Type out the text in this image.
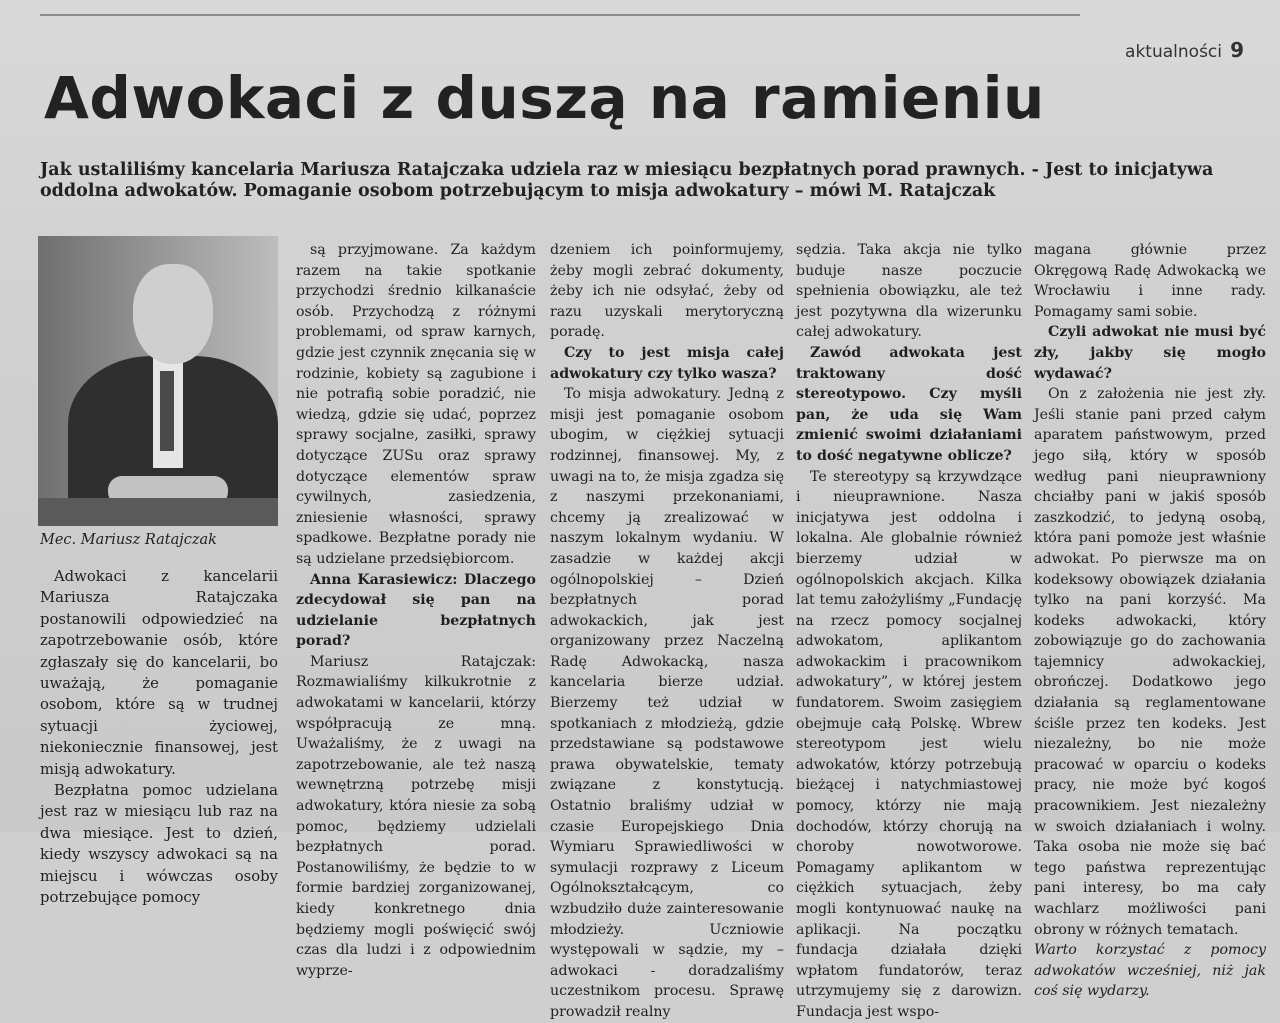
aktualności 9
Adwokaci z duszą na ramieniu
Jak ustaliliśmy kancelaria Mariusza Ratajczaka udziela raz w miesiącu bezpłatnych porad prawnych. - Jest to inicjatywa oddolna adwokatów. Pomaganie osobom potrzebującym to misja adwokatury – mówi M. Ratajczak
Mec. Mariusz Ratajczak

Adwokaci z kancelarii Mariusza Ratajczaka postanowili odpowiedzieć na zapotrzebowanie osób, które zgłaszały się do kancelarii, bo uważają, że pomaganie osobom, które są w trudnej sytuacji życiowej, niekoniecznie finansowej, jest misją adwokatury.

Bezpłatna pomoc udzielana jest raz w miesiącu lub raz na dwa miesiące. Jest to dzień, kiedy wszyscy adwokaci są na miejscu i wówczas osoby potrzebujące pomocy

są przyjmowane. Za każdym razem na takie spotkanie przychodzi średnio kilkanaście osób. Przychodzą z różnymi problemami, od spraw karnych, gdzie jest czynnik znęcania się w rodzinie, kobiety są zagubione i nie potrafią sobie poradzić, nie wiedzą, gdzie się udać, poprzez sprawy socjalne, zasiłki, sprawy dotyczące ZUSu oraz sprawy dotyczące elementów spraw cywilnych, zasiedzenia, zniesienie własności, sprawy spadkowe. Bezpłatne porady nie są udzielane przedsiębiorcom.

Anna Karasiewicz: Dlaczego zdecydował się pan na udzielanie bezpłatnych porad?

Mariusz Ratajczak: Rozmawialiśmy kilkukrotnie z adwokatami w kancelarii, którzy współpracują ze mną. Uważaliśmy, że z uwagi na zapotrzebowanie, ale też naszą wewnętrzną potrzebę misji adwokatury, która niesie za sobą pomoc, będziemy udzielali bezpłatnych porad. Postanowiliśmy, że będzie to w formie bardziej zorganizowanej, kiedy konkretnego dnia będziemy mogli poświęcić swój czas dla ludzi i z odpowiednim wyprze-

dzeniem ich poinformujemy, żeby mogli zebrać dokumenty, żeby ich nie odsyłać, żeby od razu uzyskali merytoryczną poradę.

Czy to jest misja całej adwokatury czy tylko wasza?

To misja adwokatury. Jedną z misji jest pomaganie osobom ubogim, w ciężkiej sytuacji rodzinnej, finansowej. My, z uwagi na to, że misja zgadza się z naszymi przekonaniami, chcemy ją zrealizować w naszym lokalnym wydaniu. W zasadzie w każdej akcji ogólnopolskiej – Dzień bezpłatnych porad adwokackich, jak jest organizowany przez Naczelną Radę Adwokacką, nasza kancelaria bierze udział. Bierzemy też udział w spotkaniach z młodzieżą, gdzie przedstawiane są podstawowe prawa obywatelskie, tematy związane z konstytucją. Ostatnio braliśmy udział w czasie Europejskiego Dnia Wymiaru Sprawiedliwości w symulacji rozprawy z Liceum Ogólnokształcącym, co wzbudziło duże zainteresowanie młodzieży. Uczniowie występowali w sądzie, my – adwokaci - doradzaliśmy uczestnikom procesu. Sprawę prowadził realny

sędzia. Taka akcja nie tylko buduje nasze poczucie spełnienia obowiązku, ale też jest pozytywna dla wizerunku całej adwokatury.

Zawód adwokata jest traktowany dość stereotypowo. Czy myśli pan, że uda się Wam zmienić swoimi działaniami to dość negatywne oblicze?

Te stereotypy są krzywdzące i nieuprawnione. Nasza inicjatywa jest oddolna i lokalna. Ale globalnie również bierzemy udział w ogólnopolskich akcjach. Kilka lat temu założyliśmy „Fundację na rzecz pomocy socjalnej adwokatom, aplikantom adwokackim i pracownikom adwokatury”, w której jestem fundatorem. Swoim zasięgiem obejmuje całą Polskę. Wbrew stereotypom jest wielu adwokatów, którzy potrzebują bieżącej i natychmiastowej pomocy, którzy nie mają dochodów, którzy chorują na choroby nowotworowe. Pomagamy aplikantom w ciężkich sytuacjach, żeby mogli kontynuować naukę na aplikacji. Na początku fundacja działała dzięki wpłatom fundatorów, teraz utrzymujemy się z darowizn. Fundacja jest wspo-

magana głównie przez Okręgową Radę Adwokacką we Wrocławiu i inne rady. Pomagamy sami sobie.

Czyli adwokat nie musi być zły, jakby się mogło wydawać?

On z założenia nie jest zły. Jeśli stanie pani przed całym aparatem państwowym, przed jego siłą, który w sposób według pani nieuprawniony chciałby pani w jakiś sposób zaszkodzić, to jedyną osobą, która pani pomoże jest właśnie adwokat. Po pierwsze ma on kodeksowy obowiązek działania tylko na pani korzyść. Ma kodeks adwokacki, który zobowiązuje go do zachowania tajemnicy adwokackiej, obrończej. Dodatkowo jego działania są reglamentowane ściśle przez ten kodeks. Jest niezależny, bo nie może pracować w oparciu o kodeks pracy, nie może być kogoś pracownikiem. Jest niezależny w swoich działaniach i wolny. Taka osoba nie może się bać tego państwa reprezentując pani interesy, bo ma cały wachlarz możliwości pani obrony w różnych tematach.

Warto korzystać z pomocy adwokatów wcześniej, niż jak coś się wydarzy.
